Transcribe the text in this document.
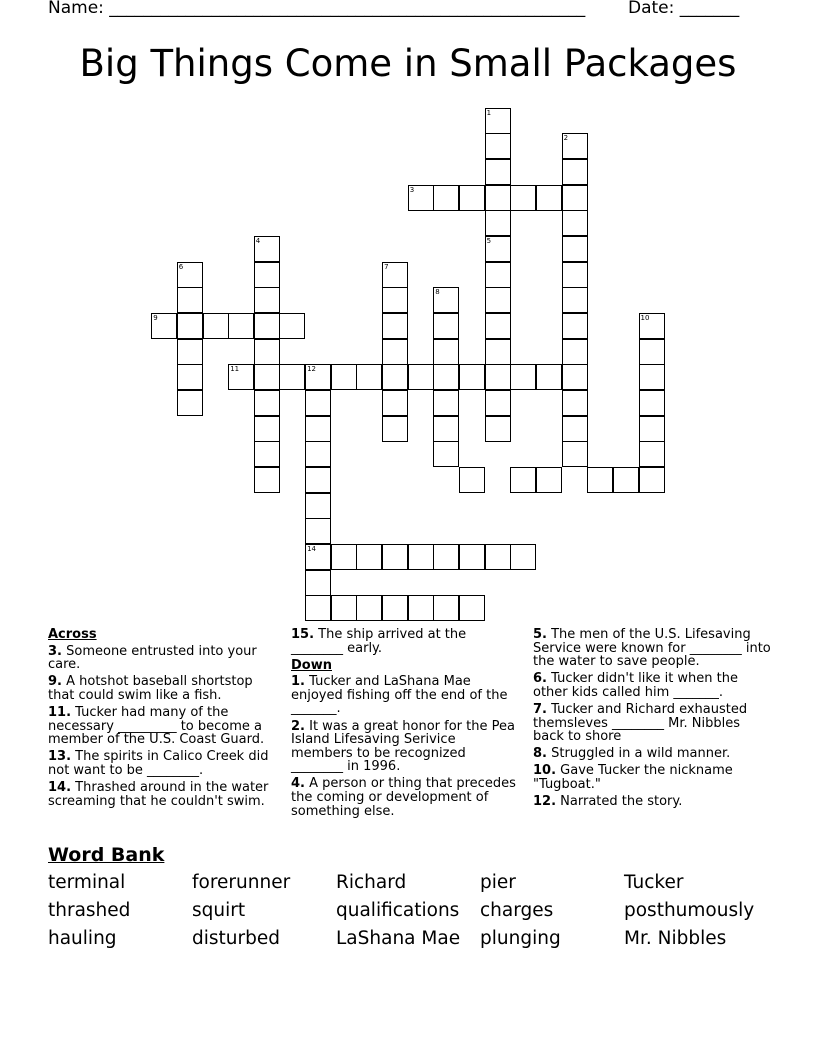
Name: ________________________________________________________	Date: _______
Big Things Come in Small Packages
1
2
3
4	5
6	7
8
9	10
11	12
14
Across
3. Someone entrusted into your care.
9. A hotshot baseball shortstop that could swim like a fish.
11. Tucker had many of the necessary _________ to become a member of the U.S. Coast Guard.
13. The spirits in Calico Creek did not want to be ________.
14. Thrashed around in the water screaming that he couldn't swim.
15. The ship arrived at the ________ early.
Down
1. Tucker and LaShana Mae enjoyed fishing off the end of the _______.
2. It was a great honor for the Pea Island Lifesaving Serivice members to be recognized ________ in 1996.
4. A person or thing that precedes the coming or development of something else.
5. The men of the U.S. Lifesaving Service were known for ________ into the water to save people.
6. Tucker didn't like it when the other kids called him _______.
7. Tucker and Richard exhausted themsleves ________ Mr. Nibbles back to shore
8. Struggled in a wild manner.
10. Gave Tucker the nickname "Tugboat."
12. Narrated the story.
Word Bank
terminal	forerunner	Richard	pier	Tucker
thrashed	squirt	qualifications	charges	posthumously
hauling	disturbed	LaShana Mae	plunging	Mr. Nibbles
